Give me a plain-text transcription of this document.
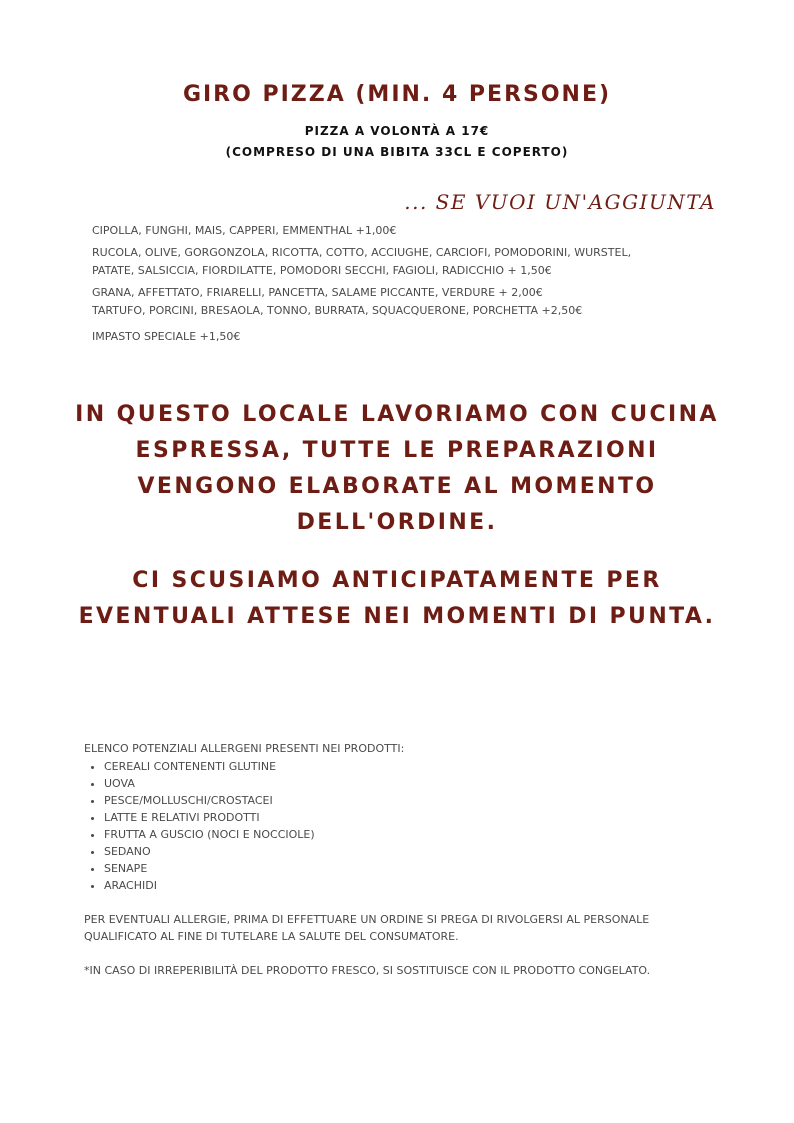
GIRO PIZZA (MIN. 4 PERSONE)
PIZZA A VOLONTÀ A 17€
(COMPRESO DI UNA BIBITA 33CL E COPERTO)
... SE VUOI UN'AGGIUNTA

CIPOLLA, FUNGHI, MAIS, CAPPERI, EMMENTHAL +1,00€

RUCOLA, OLIVE, GORGONZOLA, RICOTTA, COTTO, ACCIUGHE, CARCIOFI, POMODORINI, WURSTEL,

PATATE, SALSICCIA, FIORDILATTE, POMODORI SECCHI, FAGIOLI, RADICCHIO + 1,50€

GRANA, AFFETTATO, FRIARELLI, PANCETTA, SALAME PICCANTE, VERDURE + 2,00€

TARTUFO, PORCINI, BRESAOLA, TONNO, BURRATA, SQUACQUERONE, PORCHETTA +2,50€

IMPASTO SPECIALE +1,50€

IN QUESTO LOCALE LAVORIAMO CON CUCINA ESPRESSA, TUTTE LE PREPARAZIONI VENGONO ELABORATE AL MOMENTO DELL'ORDINE.
CI SCUSIAMO ANTICIPATAMENTE PER EVENTUALI ATTESE NEI MOMENTI DI PUNTA.
ELENCO POTENZIALI ALLERGENI PRESENTI NEI PRODOTTI:
• CEREALI CONTENENTI GLUTINE
• UOVA
• PESCE/MOLLUSCHI/CROSTACEI
• LATTE E RELATIVI PRODOTTI
• FRUTTA A GUSCIO (NOCI E NOCCIOLE)
• SEDANO
• SENAPE
• ARACHIDI
PER EVENTUALI ALLERGIE, PRIMA DI EFFETTUARE UN ORDINE SI PREGA DI RIVOLGERSI AL PERSONALE QUALIFICATO AL FINE DI TUTELARE LA SALUTE DEL CONSUMATORE.
*IN CASO DI IRREPERIBILITÀ DEL PRODOTTO FRESCO, SI SOSTITUISCE CON IL PRODOTTO CONGELATO.
